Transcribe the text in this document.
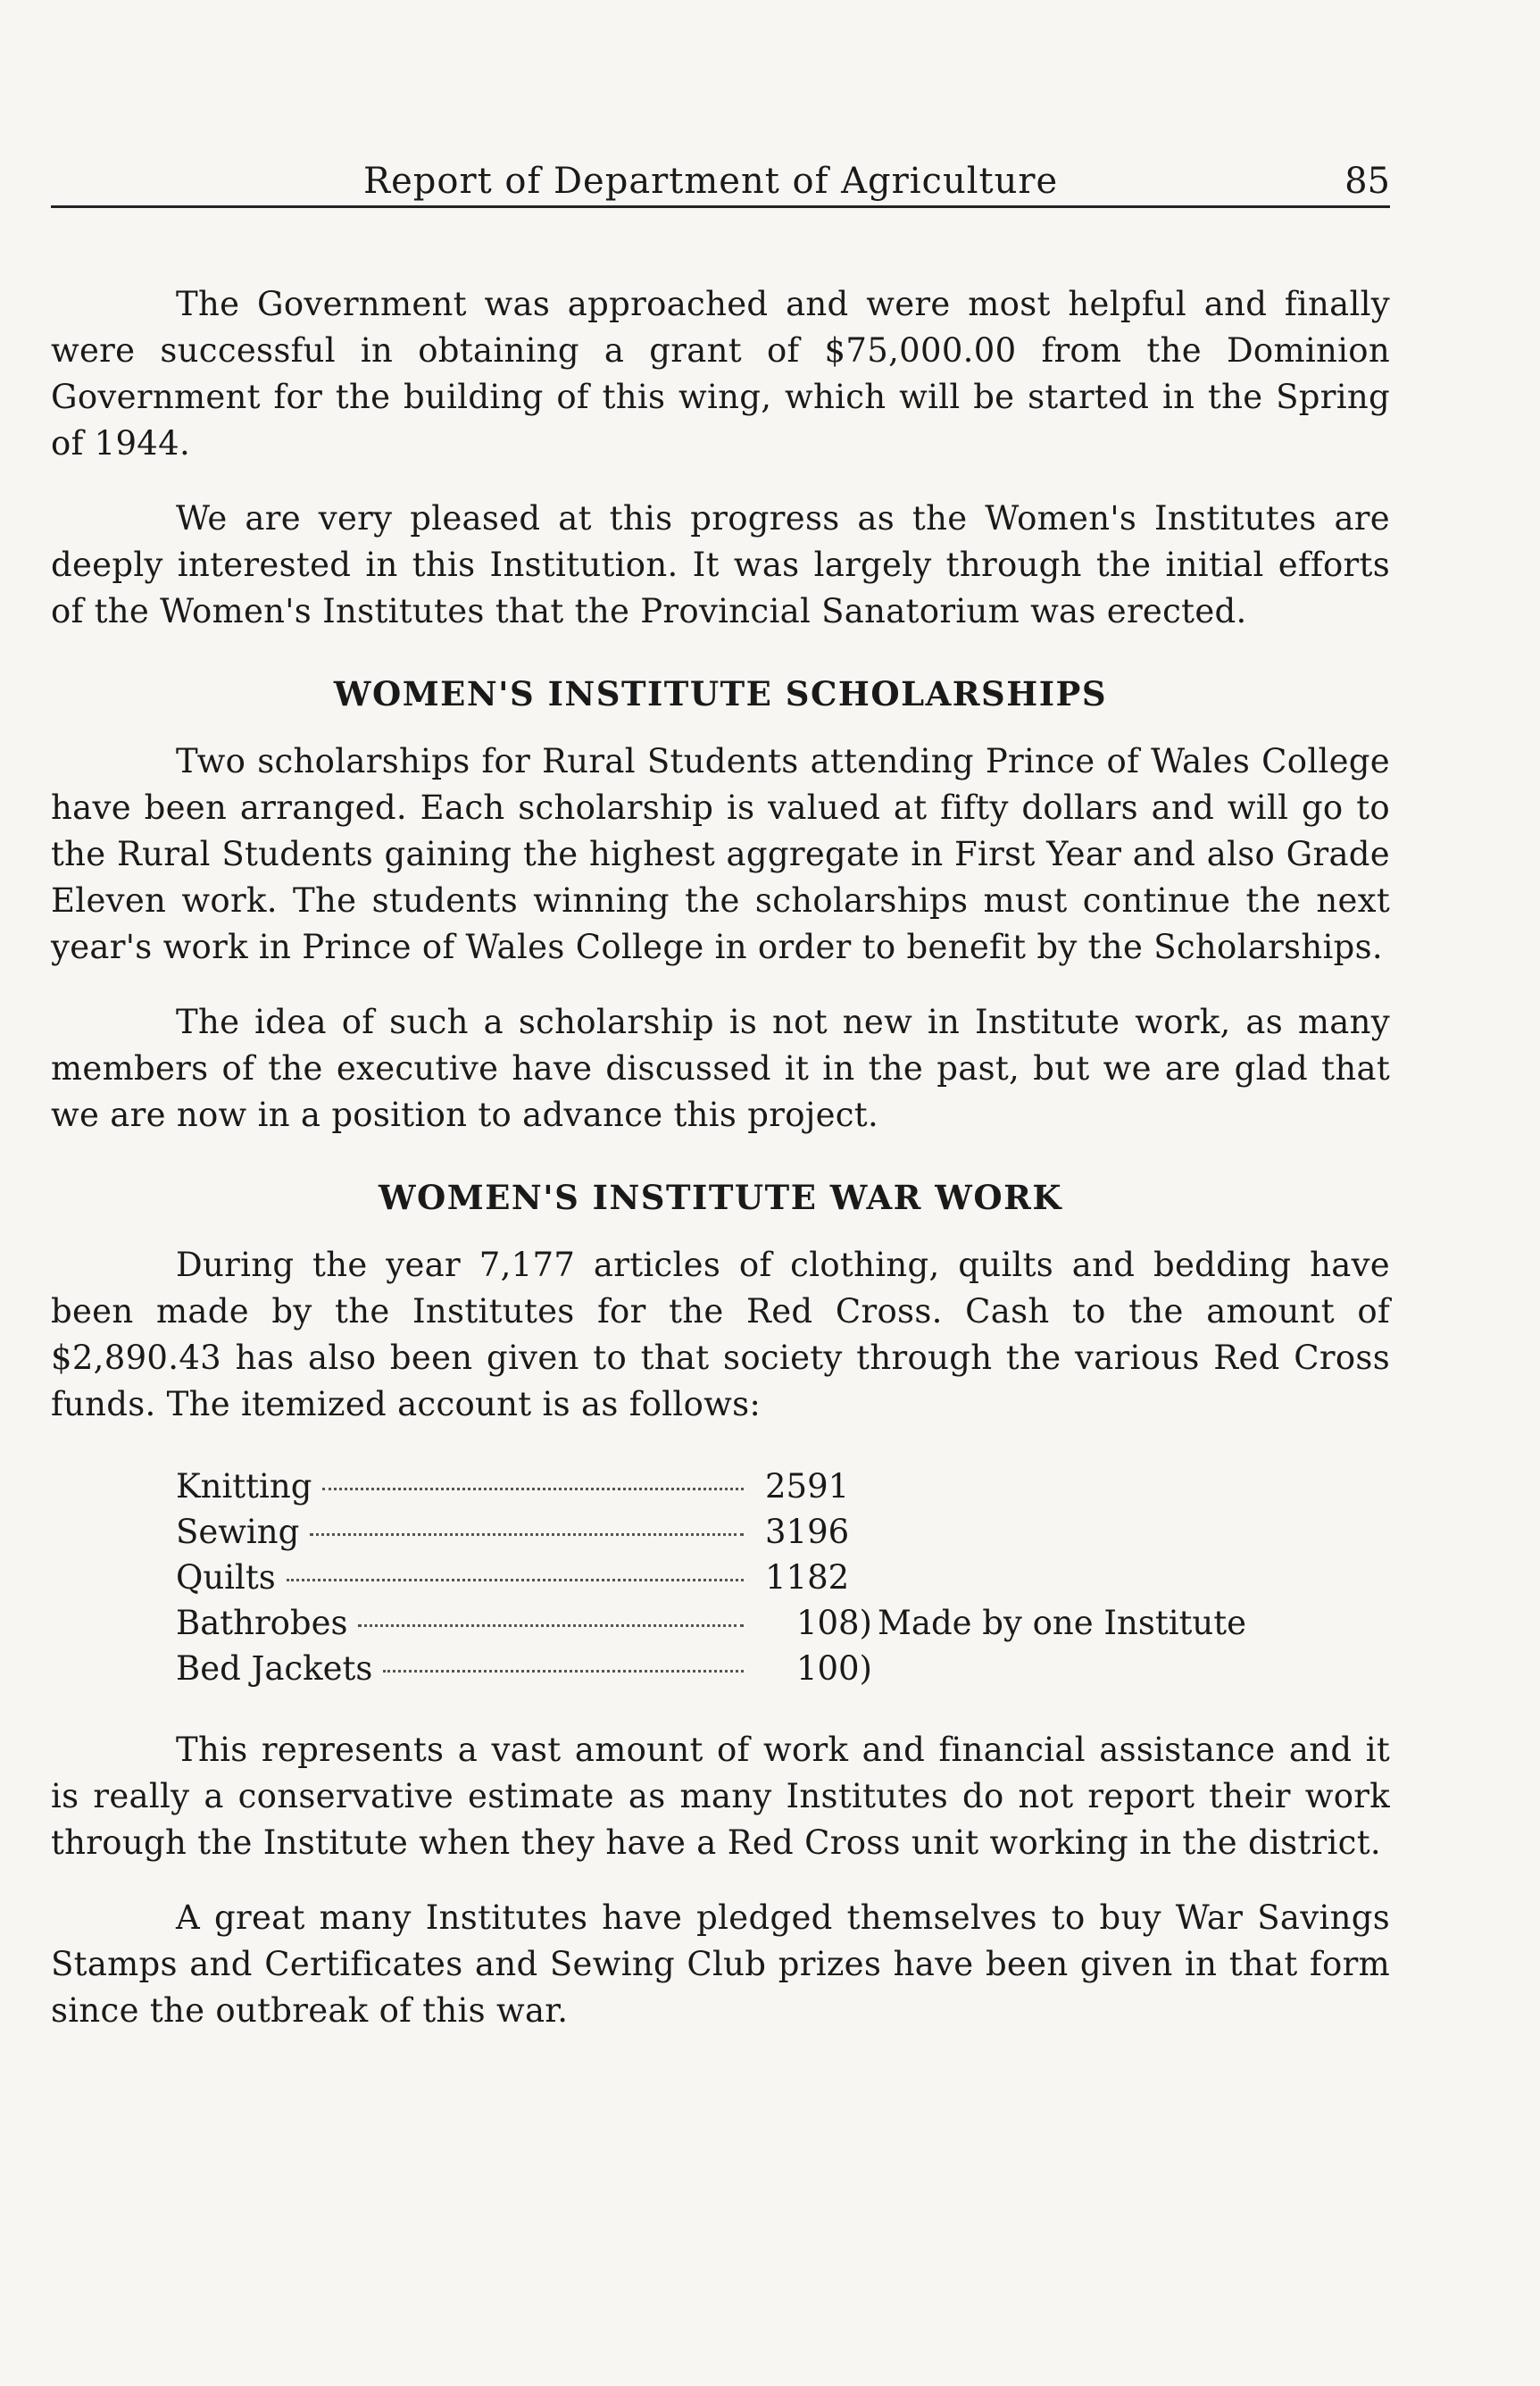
Report of Department of Agriculture	85

The Government was approached and were most helpful and finally were successful in obtaining a grant of $75,000.00 from the Dominion Government for the building of this wing, which will be started in the Spring of 1944.

We are very pleased at this progress as the Women's Institutes are deeply interested in this Institution. It was largely through the initial efforts of the Women's Institutes that the Provincial Sanatorium was erected.

WOMEN'S INSTITUTE SCHOLARSHIPS

Two scholarships for Rural Students attending Prince of Wales College have been arranged. Each scholarship is valued at fifty dollars and will go to the Rural Students gaining the highest aggregate in First Year and also Grade Eleven work. The students winning the scholarships must continue the next year's work in Prince of Wales College in order to benefit by the Scholarships.

The idea of such a scholarship is not new in Institute work, as many members of the executive have discussed it in the past, but we are glad that we are now in a position to advance this project.

WOMEN'S INSTITUTE WAR WORK

During the year 7,177 articles of clothing, quilts and bedding have been made by the Institutes for the Red Cross. Cash to the amount of $2,890.43 has also been given to that society through the various Red Cross funds. The itemized account is as follows:

Knitting	2591
Sewing	3196
Quilts	1182
Bathrobes	108) Made by one Institute
Bed Jackets	100)

This represents a vast amount of work and financial assistance and it is really a conservative estimate as many Institutes do not report their work through the Institute when they have a Red Cross unit working in the district.

A great many Institutes have pledged themselves to buy War Savings Stamps and Certificates and Sewing Club prizes have been given in that form since the outbreak of this war.
